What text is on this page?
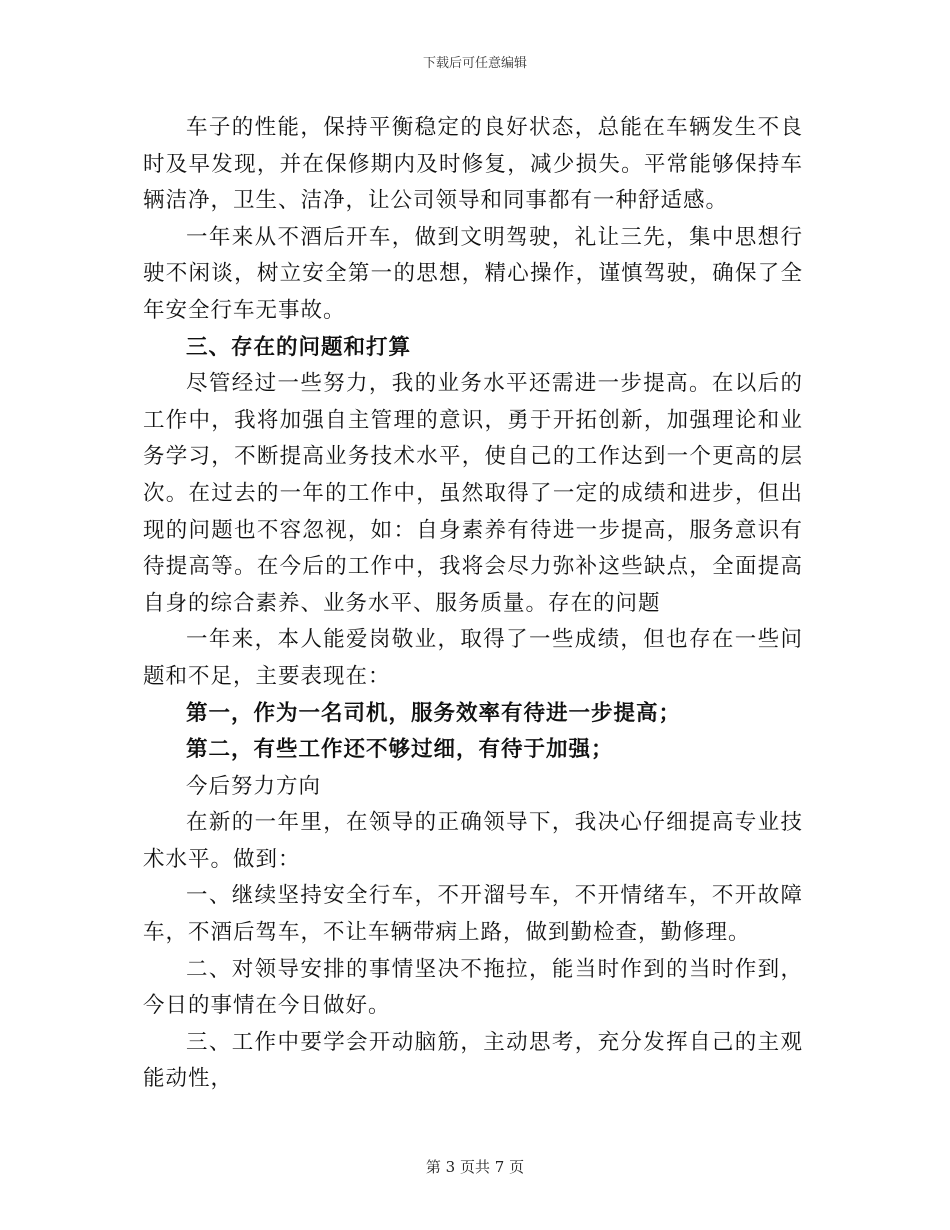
下载后可任意编辑

车子的性能，保持平衡稳定的良好状态，总能在车辆发生不良时及早发现，并在保修期内及时修复，减少损失。平常能够保持车辆洁净，卫生、洁净，让公司领导和同事都有一种舒适感。

一年来从不酒后开车，做到文明驾驶，礼让三先，集中思想行驶不闲谈，树立安全第一的思想，精心操作，谨慎驾驶，确保了全年安全行车无事故。

三、存在的问题和打算

尽管经过一些努力，我的业务水平还需进一步提高。在以后的工作中，我将加强自主管理的意识，勇于开拓创新，加强理论和业务学习，不断提高业务技术水平，使自己的工作达到一个更高的层次。在过去的一年的工作中，虽然取得了一定的成绩和进步，但出现的问题也不容忽视，如：自身素养有待进一步提高，服务意识有待提高等。在今后的工作中，我将会尽力弥补这些缺点，全面提高自身的综合素养、业务水平、服务质量。存在的问题

一年来，本人能爱岗敬业，取得了一些成绩，但也存在一些问题和不足，主要表现在：

第一，作为一名司机，服务效率有待进一步提高；

第二，有些工作还不够过细，有待于加强；

今后努力方向

在新的一年里，在领导的正确领导下，我决心仔细提高专业技术水平。做到：

一、继续坚持安全行车，不开溜号车，不开情绪车，不开故障车，不酒后驾车，不让车辆带病上路，做到勤检查，勤修理。

二、对领导安排的事情坚决不拖拉，能当时作到的当时作到，今日的事情在今日做好。

三、工作中要学会开动脑筋，主动思考，充分发挥自己的主观能动性，

第 3 页共 7 页
